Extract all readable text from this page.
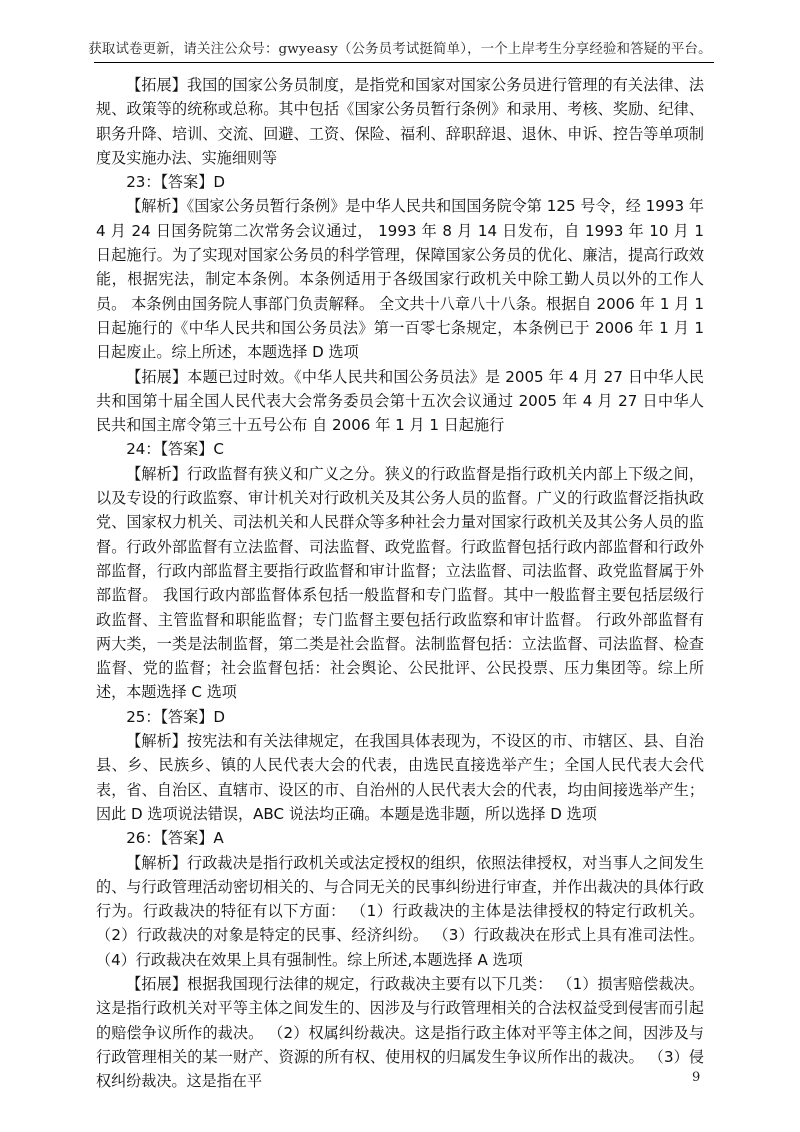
获取试卷更新，请关注公众号：gwyeasy（公务员考试挺简单），一个上岸考生分享经验和答疑的平台。

【拓展】我国的国家公务员制度，是指党和国家对国家公务员进行管理的有关法律、法规、政策等的统称或总称。其中包括《国家公务员暂行条例》和录用、考核、奖励、纪律、职务升降、培训、交流、回避、工资、保险、福利、辞职辞退、退休、申诉、控告等单项制度及实施办法、实施细则等

23：【答案】D

【解析】《国家公务员暂行条例》是中华人民共和国国务院令第 125 号令，经 1993 年 4 月 24 日国务院第二次常务会议通过， 1993 年 8 月 14 日发布，自 1993 年 10 月 1 日起施行。为了实现对国家公务员的科学管理，保障国家公务员的优化、廉洁，提高行政效能，根据宪法，制定本条例。本条例适用于各级国家行政机关中除工勤人员以外的工作人员。 本条例由国务院人事部门负责解释。 全文共十八章八十八条。根据自 2006 年 1 月 1 日起施行的《中华人民共和国公务员法》第一百零七条规定，本条例已于 2006 年 1 月 1 日起废止。综上所述，本题选择 D 选项

【拓展】本题已过时效。《中华人民共和国公务员法》是 2005 年 4 月 27 日中华人民共和国第十届全国人民代表大会常务委员会第十五次会议通过 2005 年 4 月 27 日中华人民共和国主席令第三十五号公布 自 2006 年 1 月 1 日起施行

24：【答案】C

【解析】行政监督有狭义和广义之分。狭义的行政监督是指行政机关内部上下级之间，以及专设的行政监察、审计机关对行政机关及其公务人员的监督。广义的行政监督泛指执政党、国家权力机关、司法机关和人民群众等多种社会力量对国家行政机关及其公务人员的监督。行政外部监督有立法监督、司法监督、政党监督。行政监督包括行政内部监督和行政外部监督，行政内部监督主要指行政监督和审计监督；立法监督、司法监督、政党监督属于外部监督。 我国行政内部监督体系包括一般监督和专门监督。其中一般监督主要包括层级行政监督、主管监督和职能监督；专门监督主要包括行政监察和审计监督。 行政外部监督有两大类，一类是法制监督，第二类是社会监督。法制监督包括：立法监督、司法监督、检查监督、党的监督；社会监督包括：社会舆论、公民批评、公民投票、压力集团等。综上所述，本题选择 C 选项

25：【答案】D

【解析】按宪法和有关法律规定，在我国具体表现为，不设区的市、市辖区、县、自治县、乡、民族乡、镇的人民代表大会的代表，由选民直接选举产生；全国人民代表大会代表，省、自治区、直辖市、设区的市、自治州的人民代表大会的代表，均由间接选举产生；因此 D 选项说法错误，ABC 说法均正确。本题是选非题，所以选择 D 选项

26：【答案】A

【解析】行政裁决是指行政机关或法定授权的组织，依照法律授权，对当事人之间发生的、与行政管理活动密切相关的、与合同无关的民事纠纷进行审查，并作出裁决的具体行政行为。行政裁决的特征有以下方面： （1）行政裁决的主体是法律授权的特定行政机关。 （2）行政裁决的对象是特定的民事、经济纠纷。 （3）行政裁决在形式上具有准司法性。 （4）行政裁决在效果上具有强制性。综上所述,本题选择 A 选项

【拓展】根据我国现行法律的规定，行政裁决主要有以下几类： （1）损害赔偿裁决。这是指行政机关对平等主体之间发生的、因涉及与行政管理相关的合法权益受到侵害而引起的赔偿争议所作的裁决。 （2）权属纠纷裁决。这是指行政主体对平等主体之间，因涉及与行政管理相关的某一财产、资源的所有权、使用权的归属发生争议所作出的裁决。 （3）侵权纠纷裁决。这是指在平	9
